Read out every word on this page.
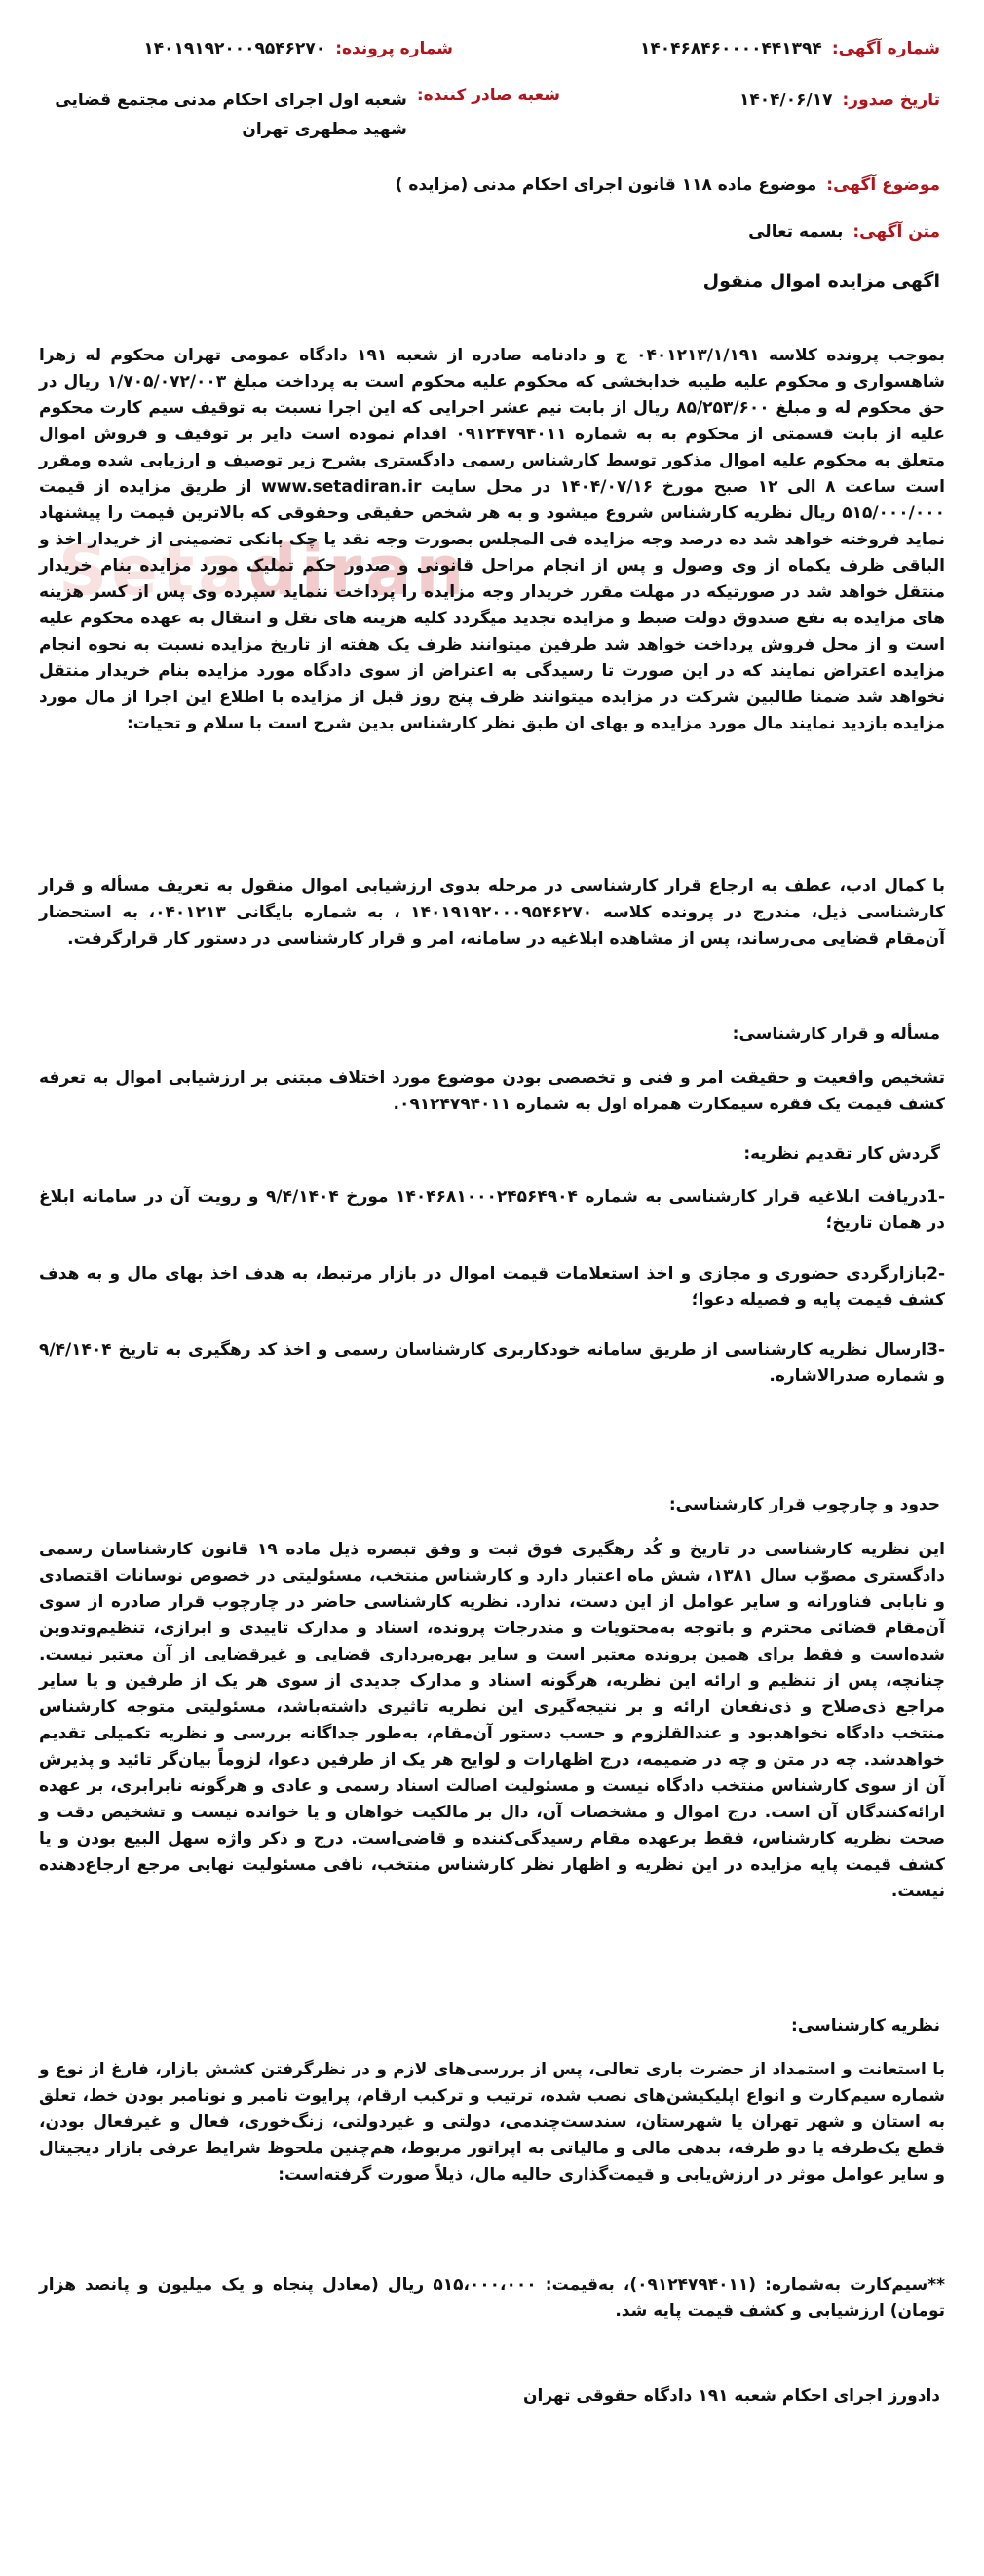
Setadiran
شماره آگهی:
۱۴۰۴۶۸۴۶۰۰۰۰۴۴۱۳۹۴
شماره پرونده:
۱۴۰۱۹۱۹۲۰۰۰۹۵۴۶۲۷۰
تاریخ صدور:
۱۴۰۴/۰۶/۱۷
شعبه صادر کننده:
شعبه اول اجرای احکام مدنی مجتمع قضایی شهید مطهری تهران
موضوع آگهی:
موضوع ماده ۱۱۸ قانون اجرای احکام مدنی (مزایده )
متن آگهی:
بسمه تعالی
اگهی مزایده اموال منقول
بموجب پرونده کلاسه ۰۴۰۱۲۱۳/۱/۱۹۱ ج و دادنامه صادره از شعبه ۱۹۱ دادگاه عمومی تهران محکوم له زهرا شاهسواری و محکوم علیه طیبه خدابخشی که محکوم علیه محکوم است به پرداخت مبلغ ۱/۷۰۵/۰۷۲/۰۰۳ ریال در حق محکوم له و مبلغ ۸۵/۲۵۳/۶۰۰ ریال از بابت نیم عشر اجرایی که این اجرا نسبت به توقیف سیم کارت محکوم علیه از بابت قسمتی از محکوم به به شماره ۰۹۱۲۴۷۹۴۰۱۱ اقدام نموده است دایر بر توقیف و فروش اموال متعلق به محکوم علیه اموال مذکور توسط کارشناس رسمی دادگستری بشرح زیر توصیف و ارزیابی شده ومقرر است ساعت ۸ الی ۱۲ صبح مورخ ۱۴۰۴/۰۷/۱۶ در محل سایت www.setadiran.ir از طریق مزایده از قیمت ۵۱۵/۰۰۰/۰۰۰ ریال نظریه کارشناس شروع میشود و به هر شخص حقیقی وحقوقی که بالاترین قیمت را پیشنهاد نماید فروخته خواهد شد ده درصد وجه مزایده فی المجلس بصورت وجه نقد یا چک بانکی تضمینی از خریدار اخذ و الباقی ظرف یکماه از وی وصول و پس از انجام مراحل قانونی و صدور حکم تملیک مورد مزایده بنام خریدار منتقل خواهد شد در صورتیکه در مهلت مقرر خریدار وجه مزایده را پرداخت ننماید سپرده وی پس از کسر هزینه های مزایده به نفع صندوق دولت ضبط و مزایده تجدید میگردد کلیه هزینه های نقل و انتقال به عهده محکوم علیه است و از محل فروش پرداخت خواهد شد طرفین میتوانند ظرف یک هفته از تاریخ مزایده نسبت به نحوه انجام مزایده اعتراض نمایند که در این صورت تا رسیدگی به اعتراض از سوی دادگاه مورد مزایده بنام خریدار منتقل نخواهد شد ضمنا طالبین شرکت در مزایده میتوانند ظرف پنج روز قبل از مزایده با اطلاع این اجرا از مال مورد مزایده بازدید نمایند مال مورد مزایده و بهای ان طبق نظر کارشناس بدین شرح است با سلام و تحیات:
با کمال ادب، عطف به ارجاع قرار کارشناسی در مرحله بدوی ارزشیابی اموال منقول به تعریف مسأله و قرار کارشناسی ذیل، مندرج در پرونده کلاسه ۱۴۰۱۹۱۹۲۰۰۰۹۵۴۶۲۷۰ ، به شماره بایگانی ۰۴۰۱۲۱۳، به استحضار آن‌مقام قضایی می‌رساند، پس از مشاهده ابلاغیه در سامانه، امر و قرار کارشناسی در دستور کار قرارگرفت.
مسأله و قرار کارشناسی:
تشخیص واقعیت و حقیقت امر و فنی و تخصصی بودن موضوع مورد اختلاف مبتنی بر ارزشیابی اموال به تعرفه کشف قیمت یک فقره سیمکارت همراه اول به شماره ۰۹۱۲۴۷۹۴۰۱۱.
گردش کار تقدیم نظریه:
-1دریافت ابلاغیه قرار کارشناسی به شماره ۱۴۰۴۶۸۱۰۰۰۲۴۵۶۴۹۰۴ مورخ ۹/۴/۱۴۰۴ و رویت آن در سامانه ابلاغ در همان تاریخ؛
-2بازارگردی حضوری و مجازی و اخذ استعلامات قیمت اموال در بازار مرتبط، به هدف اخذ بهای مال و به هدف کشف قیمت پایه و فصیله دعوا؛
-3ارسال نظریه کارشناسی از طریق سامانه خودکاربری کارشناسان رسمی و اخذ کد رهگیری به تاریخ ۹/۴/۱۴۰۴ و شماره صدرالاشاره.
حدود و چارچوب قرار کارشناسی:
این نظریه کارشناسی در تاریخ و کُد رهگیری فوق ثبت و وفق تبصره ذیل ماده ۱۹ قانون کارشناسان رسمی دادگستری مصوّب سال ۱۳۸۱، شش ماه اعتبار دارد و کارشناس منتخب، مسئولیتی در خصوص نوسانات اقتصادی و نابابی فناورانه و سایر عوامل از این دست، ندارد. نظریه کارشناسی حاضر در چارچوب قرار صادره از سوی آن‌مقام قضائی محترم و باتوجه به‌محتویات و مندرجات پرونده، اسناد و مدارک تاییدی و ابرازی، تنظیم‌وتدوین شده‌است و فقط برای همین پرونده معتبر است و سایر بهره‌برداری قضایی و غیرقضایی از آن معتبر نیست. چنانچه، پس از تنظیم و ارائه این نظریه، هرگونه اسناد و مدارک جدیدی از سوی هر یک از طرفین و یا سایر مراجع ذی‌صلاح و ذی‌نفعان ارائه و بر نتیجه‌گیری این نظریه تاثیری داشته‌باشد، مسئولیتی متوجه کارشناس منتخب دادگاه نخواهدبود و عندالقلزوم و حسب دستور آن‌مقام، به‌طور جداگانه بررسی و نظریه تکمیلی تقدیم خواهدشد. چه در متن و چه در ضمیمه، درج اظهارات و لوایح هر یک از طرفین دعوا، لزوماً بیان‌گر تائید و پذیرش آن از سوی کارشناس منتخب دادگاه نیست و مسئولیت اصالت اسناد رسمی و عادی و هرگونه نابرابری، بر عهده ارائه‌کنندگان آن است. درج اموال و مشخصات آن، دال بر مالکیت خواهان و یا خوانده نیست و تشخیص دقت و صحت نظریه کارشناس، فقط برعهده مقام رسیدگی‌کننده و قاضی‌است. درج و ذکر واژه سهل البیع بودن و یا کشف قیمت پایه مزایده در این نظریه و اظهار نظر کارشناس منتخب، نافی مسئولیت نهایی مرجع ارجاع‌دهنده نیست.
نظریه کارشناسی:
با استعانت و استمداد از حضرت باری تعالی، پس از بررسی‌های لازم و در نظرگرفتن کشش بازار، فارغ از نوع و شماره سیم‌کارت و انواع اپلیکیشن‌های نصب شده، ترتیب و ترکیب ارقام، پرایوت نامبر و نونامبر بودن خط، تعلق به استان و شهر تهران یا شهرستان، سندست‌چندمی، دولتی و غیردولتی، زنگ‌خوری، فعال و غیرفعال بودن، قطع یک‌طرفه یا دو طرفه، بدهی مالی و مالیاتی به اپراتور مربوط، هم‌چنین ملحوظ شرایط عرفی بازار دیجیتال و سایر عوامل موثر در ارزش‌یابی و قیمت‌گذاری حالیه مال، ذیلاً صورت گرفته‌است:
**سیم‌کارت به‌شماره: (۰۹۱۲۴۷۹۴۰۱۱)، به‌قیمت: ۵۱۵،۰۰۰،۰۰۰ ریال (معادل پنجاه و یک میلیون و پانصد هزار تومان) ارزشیابی و کشف قیمت پایه شد.
دادورز اجرای احکام شعبه ۱۹۱ دادگاه حقوقی تهران
